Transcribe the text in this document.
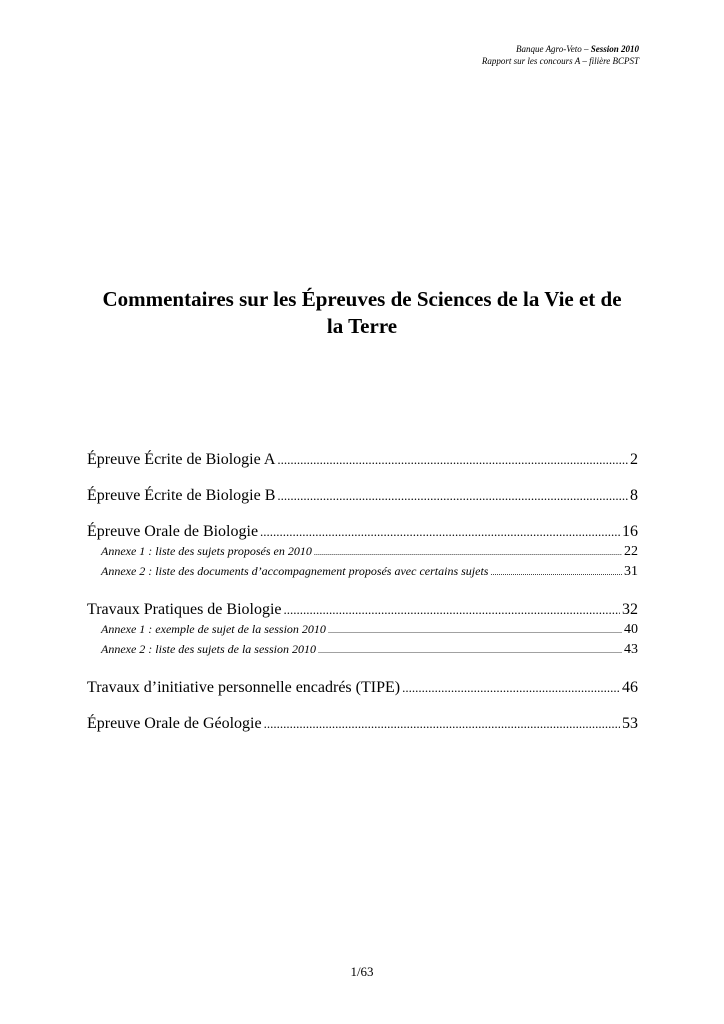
Banque Agro-Veto – Session 2010
Rapport sur les concours A – filière BCPST
Commentaires sur les Épreuves de Sciences de la Vie et de
la Terre
Épreuve Écrite de Biologie A .....	2
Épreuve Écrite de Biologie B .....	8
Épreuve Orale de Biologie .....	16
Annexe 1 : liste des sujets proposés en 2010 .....	22
Annexe 2 : liste des documents d’accompagnement proposés avec certains sujets .....	31
Travaux Pratiques de Biologie .....	32
Annexe 1 : exemple de sujet de la session 2010 .....	40
Annexe 2 : liste des sujets de la session 2010 .....	43
Travaux d’initiative personnelle encadrés (TIPE) .....	46
Épreuve Orale de Géologie .....	53
1/63
